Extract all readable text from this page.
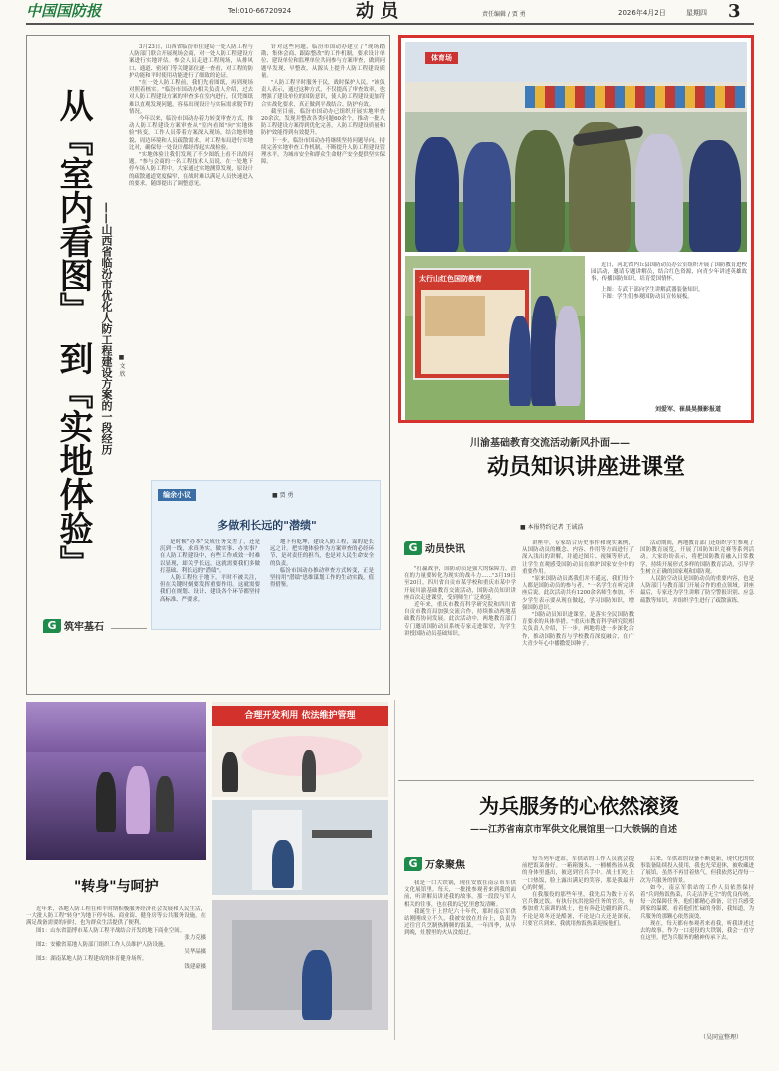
中国国防报	Tel:010-66720924	动 员	责任编辑 / 贾 勇	2026年4月2日	星期四 3
从『室内看图』
到『实地体验』
——山西省临汾市优化人防工程建设方案的一段经历 ■ 文 欣

3月23日，山西省临汾市住建局一处人防工程与人防部门联合开展现场会商，对一处人防工程建设方案进行实地评估。参会人员走进工程现场，从排风口、通道、密闭门等关键部位逐一查看，对工程的防护功能和平时使用功能进行了细致的论证。

"在一处人防工程前，我们先看图纸，再到现场对照着核实。"临汾市国动办相关负责人介绍，过去对人防工程建设方案的审查多在室内进行，仅凭图纸难以直观发现问题，容易出现设计与实际需求脱节的情况。

今年以来，临汾市国动办着力转变审查方式，推动人防工程建设方案审查从"室内看图"向"实地体验"转变。工作人员带着方案深入现场，结合地形地貌、周边环境和人员疏散需求，对工程布局进行实地比对，确保每一处设计都经得起实战检验。

"实地体验让我们发现了不少图纸上看不出的问题。"参与会商的一名工程技术人员说，在一处地下停车场人防工程中，大家通过实地测算发现，原设计的疏散通道宽度偏窄，在战时难以满足人员快速进入的要求，随即提出了调整意见。

针对这些问题，临汾市国动办建立了"现场踏勘、集体会商、跟踪整改"的工作机制，要求设计单位、建设单位和监理单位共同参与方案审查，做到问题早发现、早整改，从源头上提升人防工程建设质量。

"人防工程平时服务于民，战时保护人民。"该负责人表示，通过这种方式，不仅提高了审查效率，也增强了建设单位的国防意识，使人防工程建设更加符合实战化要求，真正做到平战结合、防护有效。

截至目前，临汾市国动办已组织开展实地审查20余次，发现并整改各类问题60余个，推动一批人防工程建设方案得到优化完善，人防工程建设质量和防护效能得到有效提升。

下一步，临汾市国动办将继续坚持问题导向，持续完善实地审查工作机制，不断提升人防工程建设管理水平，为城市安全和群众生命财产安全提供坚实保障。

编余小议	■ 贾 勇
多做利长远的"潜绩"

是时候"办本"交成任务交差了，还是沉到一线，求真务实，做实事、办实事？在人防工程建设中，有些工作成效一时难以显现，却关乎长远，这就需要我们多做打基础、利长远的"潜绩"。

人防工程位于地下，平时不被关注，但在关键时刻要发挥重要作用。这就需要我们在规划、设计、建设各个环节都坚持高标准、严要求。

地下有乾坤，建设人防工程，谋的是长远之计。把实地体验作为方案审查的必经环节，是对责任的担当，也是对人民生命安全的负责。

临汾市国动办推动审查方式转变，正是坚持用"潜绩"思维谋划工作的生动实践，值得借鉴。

G 筑牢基石
体育场
太行山红色国防教育

近日，河北省内丘县国防动员办公室组织开展了国防教育进校园活动，邀请专题讲解员，结合红色资源，向青少年讲述英雄故事，传播国防知识，培育爱国情怀。

上图：专武干部向学生讲解武器装备知识。

下图：学生们参观国防动员宣传展板。

刘爱军、崔晨昊摄影报道
川渝基础教育交流活动新风扑面——
动员知识讲座进课堂
■ 本报特约记者 王诚浩
G 动员快讯

"打赢战争，国防动员是强大的保障力，潜在的力量要转化为现实的战斗力……"3月19日至20日，四川省自贡市某学校和重庆市某中学开展川渝基础教育交流活动，国防动员知识讲座首次走进课堂，受到师生广泛欢迎。

近年来，重庆市教育科学研究院和四川省自贡市教育局加强交流合作，持续推动两地基础教育协同发展。此次活动中，两地教育部门专门邀请国防动员系统专家走进课堂，为学生讲授国防动员基础知识。

讲座中，专家结合历史事件和现实案例，从国防动员的概念、内容、作用等方面进行了深入浅出的讲解，并通过图片、视频等形式，让学生直观感受国防动员在维护国家安全中的重要作用。

"原来国防动员离我们并不遥远，我们每个人都是国防动员的参与者。"一名学生在听完讲座后说。此次活动共有1200余名师生参加，不少学生表示要从现在做起，学习国防知识，增强国防意识。

"国防动员知识进课堂，是落实全民国防教育要求的具体举措。"重庆市教育科学研究院相关负责人介绍，下一步，两地将进一步深化合作，推动国防教育与学校教育深度融合，在广大青少年心中播撒爱国种子。

活动期间，两地教育部门还组织学生参观了国防教育展览，开展了国防知识竞赛等系列活动。大家纷纷表示，将把国防教育融入日常教学，持续开展形式多样的国防教育活动，引导学生树立正确的国家观和国防观。

人民防空动员是国防动员的重要内容，也是人防部门与教育部门开展合作的重点领域。讲座最后，专家还为学生讲解了防空警报识别、应急疏散等知识，并组织学生进行了疏散演练。

合理开发利用 依法维护管理
"转身"与呵护

近年来，各地人防工程在和平时期积极服务经济社会发展和人民生活，一大批人防工程"转身"为地下停车场、商业街、健身房等公共服务设施，在满足战备需要的同时，也为群众生活提供了便利。

图1：山东省淄博市某人防工程平战结合开发的地下商业空间。

张力克摄

图2：安徽省某地人防部门组织工作人员维护人防设施。

吴华晶摄

图3：湖南某地人防工程建成的体育健身场所。

钱建豪摄

为兵服务的心依然滚烫
——江苏省南京市军供文化展馆里一口大铁锅的自述
G 万象聚焦

我是一口大铁锅，现在安放在南京市军供文化展馆里。每天，一批批参观者来到我的面前，听讲解员讲述我的故事。那一段段与军人相关的往事，也在我的记忆里愈发清晰。

我诞生于上世纪六十年代，那时南京军供站刚刚成立不久，我被安放在灶台上，负责为过往官兵烹制热腾腾的饭菜。一年四季，从早到晚，灶膛里的火从没熄过。

每当列车进站，军供站的工作人员就会提前把饭菜备好。一箱箱馒头、一桶桶热汤从我的身体里盛出，被送到官兵手中。战士们吃上一口热饭，脸上露出满足的笑容，那是我最开心的时刻。

在我服役的那些年里，我先后为数十万名官兵做过饭。有执行抗洪抢险任务的官兵，有参加重大演训的战士，也有奔赴边疆的新兵。不论是寒冬还是酷暑，不论是白天还是深夜，只要官兵到来，我就用热饭热菜迎接他们。

后来，军供站的设备不断更新，现代化的炊事装备陆续投入使用，我也光荣退休，被收藏进了展馆。虽然不再冒着热气，但我依然记得每一次为兵服务的情景。

如今，南京军供站的工作人员依然保持着"兵到热饭热菜，兵走洁净无尘"的优良传统。每一次保障任务，他们都精心准备，让官兵感受到家的温暖。看着他们忙碌的身影，我知道，为兵服务的那颗心依然滚烫。

现在，每天都有参观者来看我，听我讲述过去的故事。作为一口退役的大铁锅，我会一直守在这里，把为兵服务的精神传承下去。

（吴同宣整理）
